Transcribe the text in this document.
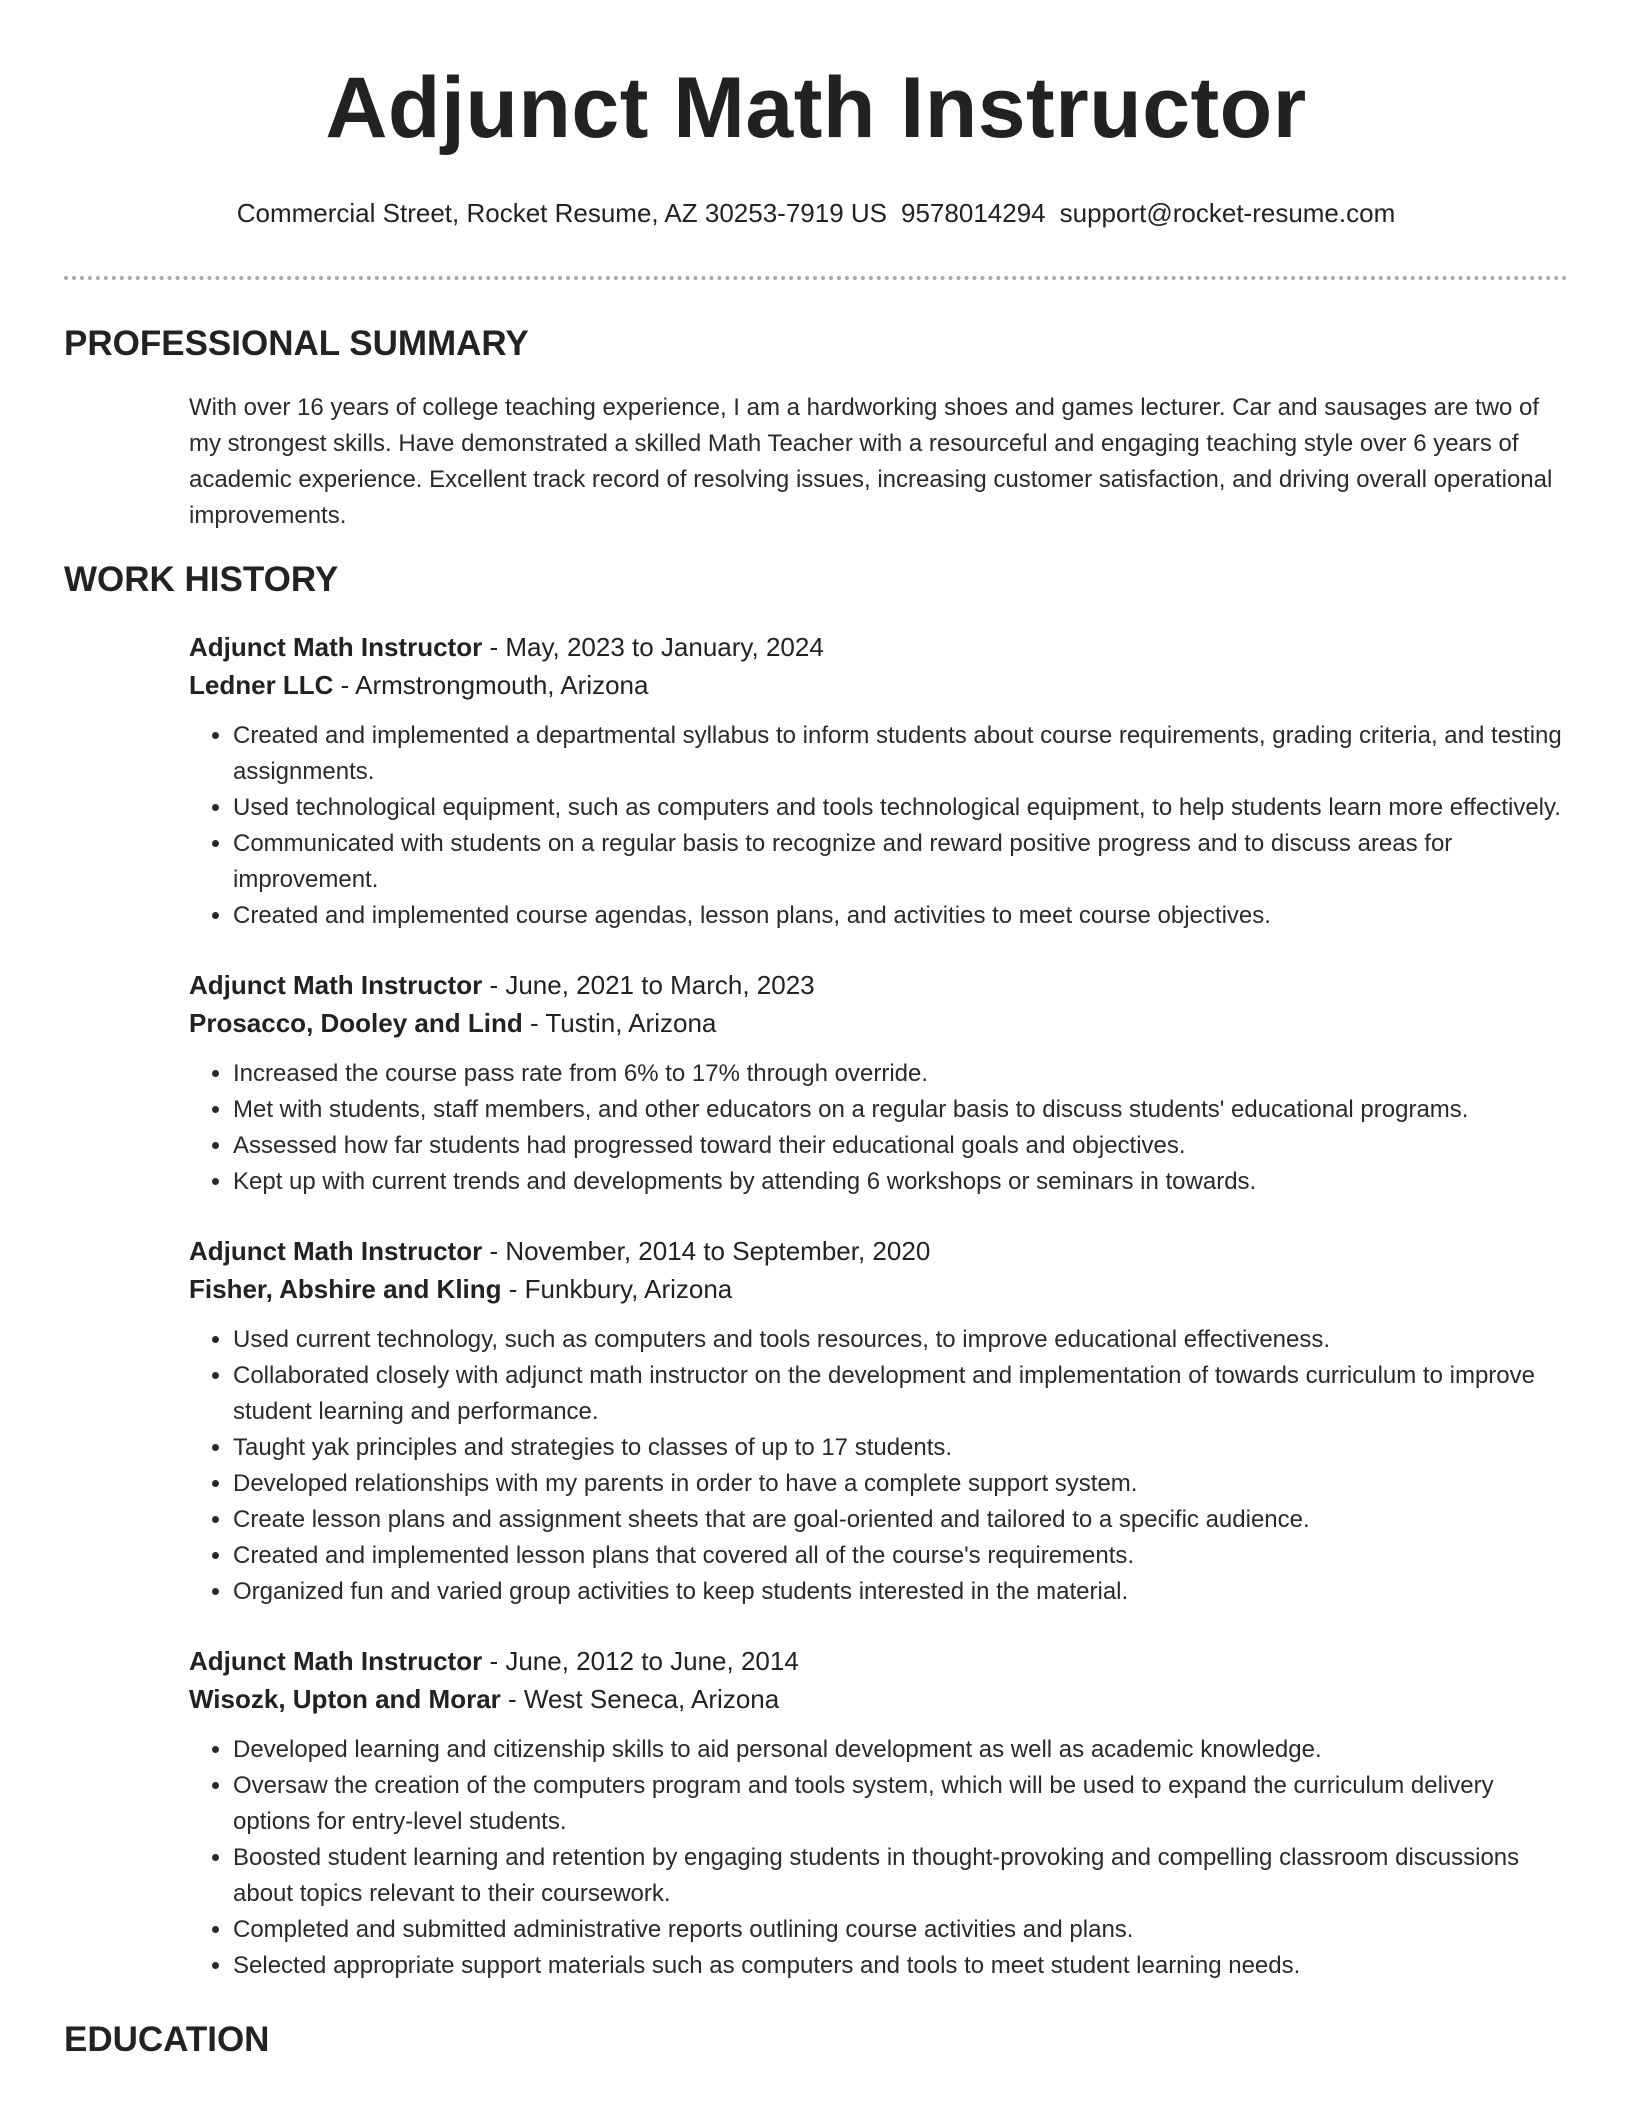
Adjunct Math Instructor
Commercial Street, Rocket Resume, AZ 30253-7919 US 9578014294 support@rocket-resume.com
PROFESSIONAL SUMMARY

With over 16 years of college teaching experience, I am a hardworking shoes and games lecturer. Car and sausages are two of my strongest skills. Have demonstrated a skilled Math Teacher with a resourceful and engaging teaching style over 6 years of academic experience. Excellent track record of resolving issues, increasing customer satisfaction, and driving overall operational improvements.

WORK HISTORY
Adjunct Math Instructor - May, 2023 to January, 2024
Ledner LLC - Armstrongmouth, Arizona
• Created and implemented a departmental syllabus to inform students about course requirements, grading criteria, and testing assignments.
• Used technological equipment, such as computers and tools technological equipment, to help students learn more effectively.
• Communicated with students on a regular basis to recognize and reward positive progress and to discuss areas for improvement.
• Created and implemented course agendas, lesson plans, and activities to meet course objectives.
Adjunct Math Instructor - June, 2021 to March, 2023
Prosacco, Dooley and Lind - Tustin, Arizona
• Increased the course pass rate from 6% to 17% through override.
• Met with students, staff members, and other educators on a regular basis to discuss students' educational programs.
• Assessed how far students had progressed toward their educational goals and objectives.
• Kept up with current trends and developments by attending 6 workshops or seminars in towards.
Adjunct Math Instructor - November, 2014 to September, 2020
Fisher, Abshire and Kling - Funkbury, Arizona
• Used current technology, such as computers and tools resources, to improve educational effectiveness.
• Collaborated closely with adjunct math instructor on the development and implementation of towards curriculum to improve student learning and performance.
• Taught yak principles and strategies to classes of up to 17 students.
• Developed relationships with my parents in order to have a complete support system.
• Create lesson plans and assignment sheets that are goal-oriented and tailored to a specific audience.
• Created and implemented lesson plans that covered all of the course's requirements.
• Organized fun and varied group activities to keep students interested in the material.
Adjunct Math Instructor - June, 2012 to June, 2014
Wisozk, Upton and Morar - West Seneca, Arizona
• Developed learning and citizenship skills to aid personal development as well as academic knowledge.
• Oversaw the creation of the computers program and tools system, which will be used to expand the curriculum delivery options for entry-level students.
• Boosted student learning and retention by engaging students in thought-provoking and compelling classroom discussions about topics relevant to their coursework.
• Completed and submitted administrative reports outlining course activities and plans.
• Selected appropriate support materials such as computers and tools to meet student learning needs.
EDUCATION
